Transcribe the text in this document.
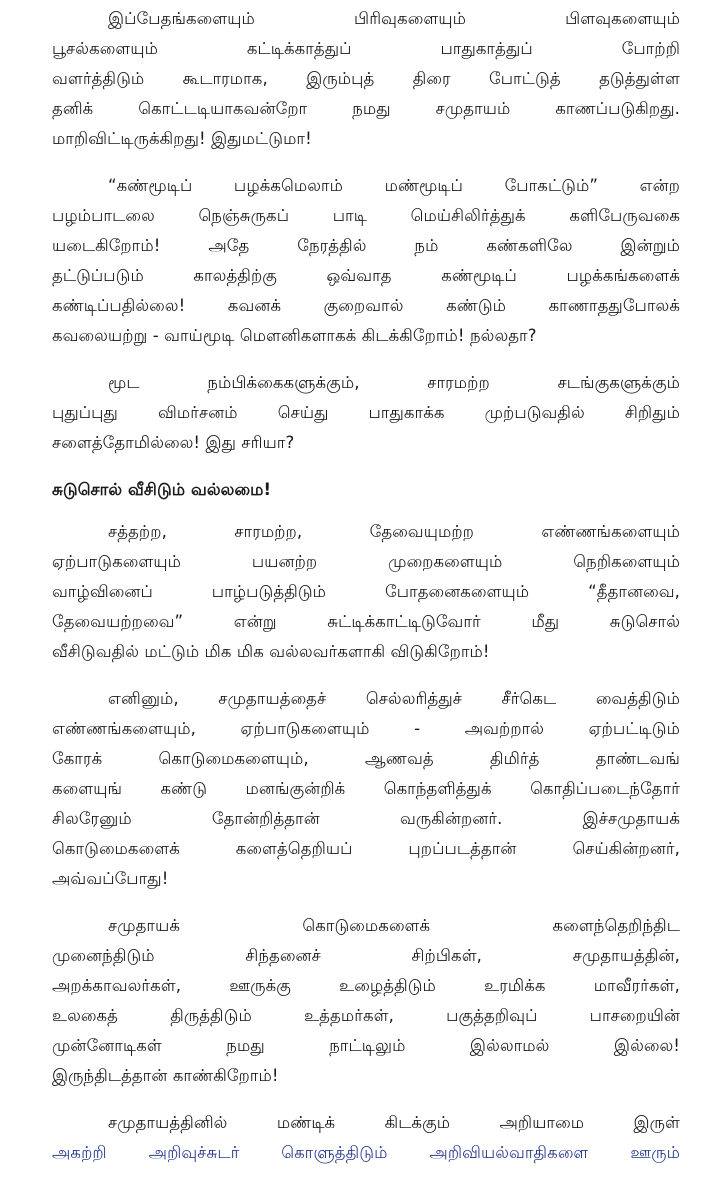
இப்பேதங்களையும் பிரிவுகளையும் பிளவுகளையும்
பூசல்களையும் கட்டிக்காத்துப் பாதுகாத்துப் போற்றி
வளர்த்திடும் கூடாரமாக, இரும்புத் திரை போட்டுத் தடுத்துள்ள
தனிக் கொட்டடியாகவன்றோ நமது சமுதாயம் காணப்படுகிறது.
மாறிவிட்டிருக்கிறது! இதுமட்டுமா!
“கண்மூடிப் பழக்கமெலாம் மண்மூடிப் போகட்டும்” என்ற
பழம்பாடலை நெஞ்சுருகப் பாடி மெய்சிலிர்த்துக் களிபேருவகை
யடைகிறோம்! அதே நேரத்தில் நம் கண்களிலே இன்றும்
தட்டுப்படும் காலத்திற்கு ஒவ்வாத கண்மூடிப் பழக்கங்களைக்
கண்டிப்பதில்லை! கவனக் குறைவால் கண்டும் காணாததுபோலக்
கவலையற்று - வாய்மூடி மௌனிகளாகக் கிடக்கிறோம்! நல்லதா?
மூட நம்பிக்கைகளுக்கும், சாரமற்ற சடங்குகளுக்கும்
புதுப்புது விமர்சனம் செய்து பாதுகாக்க முற்படுவதில் சிறிதும்
சளைத்தோமில்லை! இது சரியா?
சுடுசொல் வீசிடும் வல்லமை!
சத்தற்ற, சாரமற்ற, தேவையுமற்ற எண்ணங்களையும்
ஏற்பாடுகளையும் பயனற்ற முறைகளையும் நெறிகளையும்
வாழ்வினைப் பாழ்படுத்திடும் போதனைகளையும் “தீதானவை,
தேவையற்றவை” என்று சுட்டிக்காட்டிடுவோர் மீது சுடுசொல்
வீசிடுவதில் மட்டும் மிக மிக வல்லவர்களாகி விடுகிறோம்!
எனினும், சமுதாயத்தைச் செல்லரித்துச் சீர்கெட வைத்திடும்
எண்ணங்களையும், ஏற்பாடுகளையும் - அவற்றால் ஏற்பட்டிடும்
கோரக் கொடுமைகளையும், ஆணவத் திமிர்த் தாண்டவங்
களையுங் கண்டு மனங்குன்றிக் கொந்தளித்துக் கொதிப்படைந்தோர்
சிலரேனும் தோன்றித்தான் வருகின்றனர். இச்சமுதாயக்
கொடுமைகளைக் களைத்தெறியப் புறப்படத்தான் செய்கின்றனர்,
அவ்வப்போது!
சமுதாயக் கொடுமைகளைக் களைந்தெறிந்திட
முனைந்திடும் சிந்தனைச் சிற்பிகள், சமுதாயத்தின்,
அறக்காவலர்கள், ஊருக்கு உழைத்திடும் உரமிக்க மாவீரர்கள்,
உலகைத் திருத்திடும் உத்தமர்கள், பகுத்தறிவுப் பாசறையின்
முன்னோடிகள் நமது நாட்டிலும் இல்லாமல் இல்லை!
இருந்திடத்தான் காண்கிறோம்!
சமுதாயத்தினில் மண்டிக் கிடக்கும் அறியாமை இருள்
அகற்றி அறிவுச்சுடர் கொளுத்திடும் அறிவியல்வாதிகளை ஊரும்
